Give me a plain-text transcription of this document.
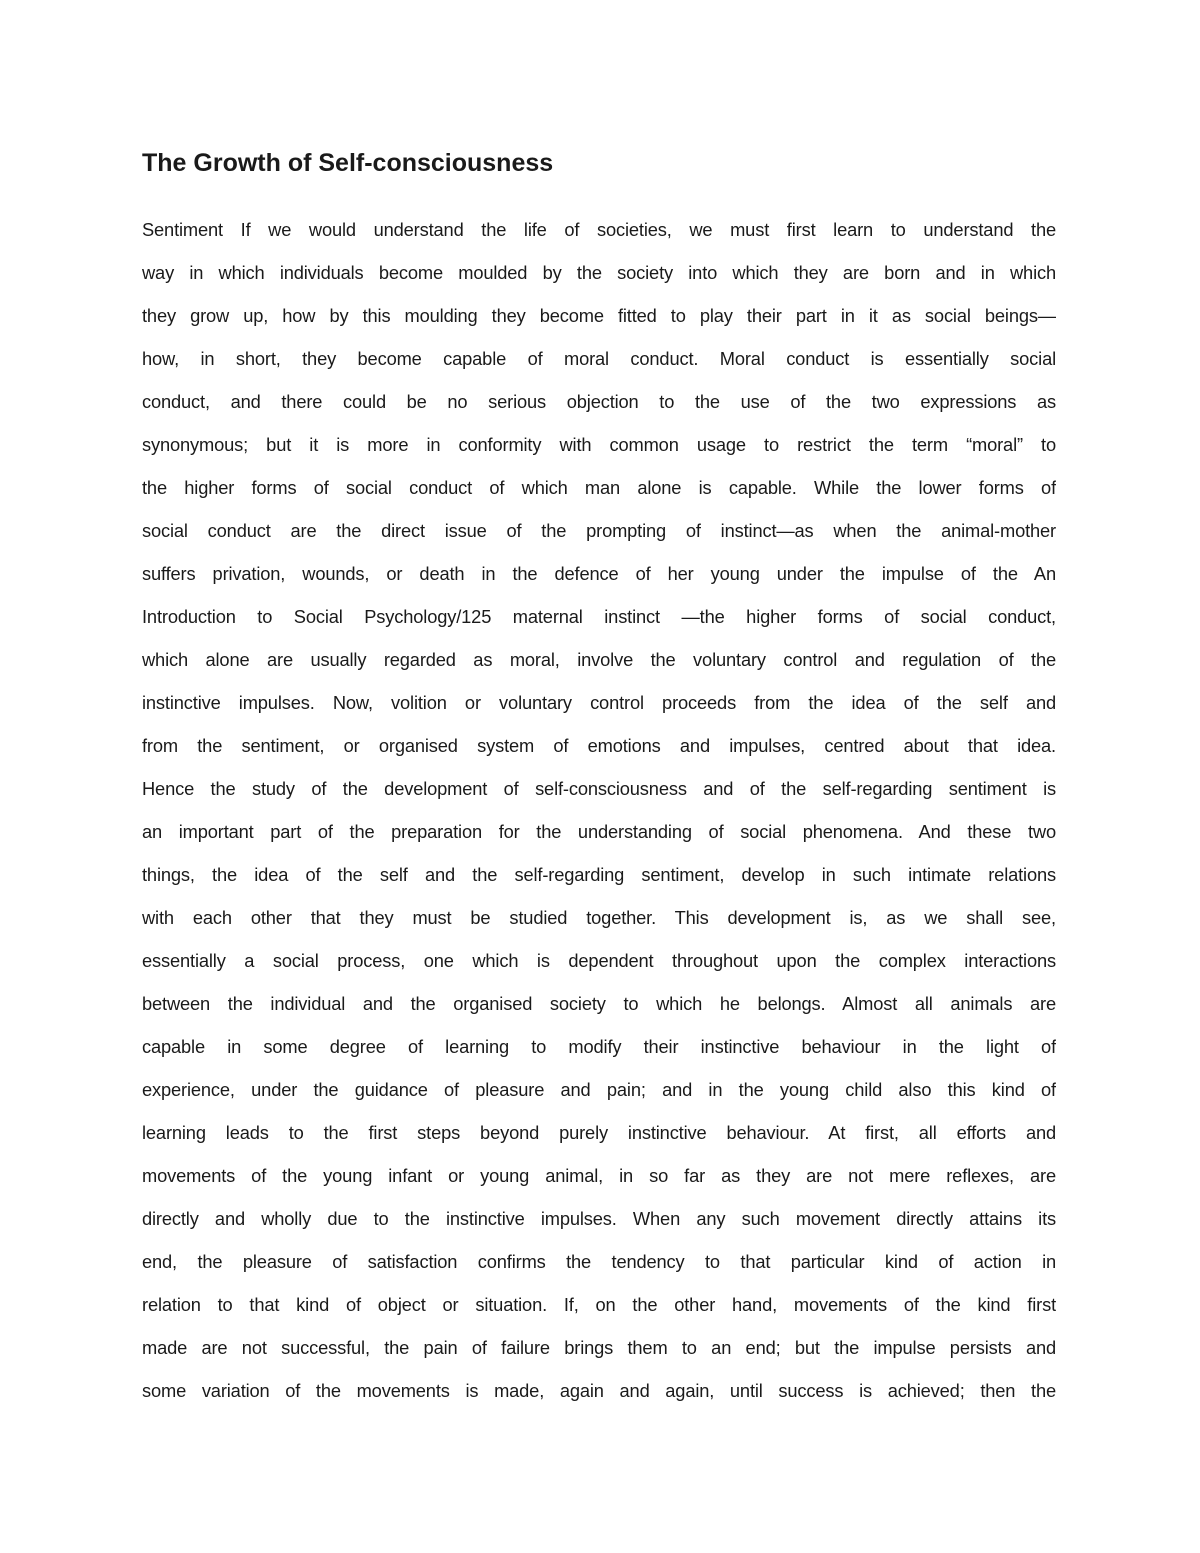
The Growth of Self-consciousness
Sentiment If we would understand the life of societies, we must first learn to understand the
way in which individuals become moulded by the society into which they are born and in which
they grow up, how by this moulding they become fitted to play their part in it as social beings—
how, in short, they become capable of moral conduct. Moral conduct is essentially social
conduct, and there could be no serious objection to the use of the two expressions as
synonymous; but it is more in conformity with common usage to restrict the term “moral” to
the higher forms of social conduct of which man alone is capable. While the lower forms of
social conduct are the direct issue of the prompting of instinct—as when the animal-mother
suffers privation, wounds, or death in the defence of her young under the impulse of the An
Introduction to Social Psychology/125 maternal instinct —the higher forms of social conduct,
which alone are usually regarded as moral, involve the voluntary control and regulation of the
instinctive impulses. Now, volition or voluntary control proceeds from the idea of the self and
from the sentiment, or organised system of emotions and impulses, centred about that idea.
Hence the study of the development of self-consciousness and of the self-regarding sentiment is
an important part of the preparation for the understanding of social phenomena. And these two
things, the idea of the self and the self-regarding sentiment, develop in such intimate relations
with each other that they must be studied together. This development is, as we shall see,
essentially a social process, one which is dependent throughout upon the complex interactions
between the individual and the organised society to which he belongs. Almost all animals are
capable in some degree of learning to modify their instinctive behaviour in the light of
experience, under the guidance of pleasure and pain; and in the young child also this kind of
learning leads to the first steps beyond purely instinctive behaviour. At first, all efforts and
movements of the young infant or young animal, in so far as they are not mere reflexes, are
directly and wholly due to the instinctive impulses. When any such movement directly attains its
end, the pleasure of satisfaction confirms the tendency to that particular kind of action in
relation to that kind of object or situation. If, on the other hand, movements of the kind first
made are not successful, the pain of failure brings them to an end; but the impulse persists and
some variation of the movements is made, again and again, until success is achieved; then the
